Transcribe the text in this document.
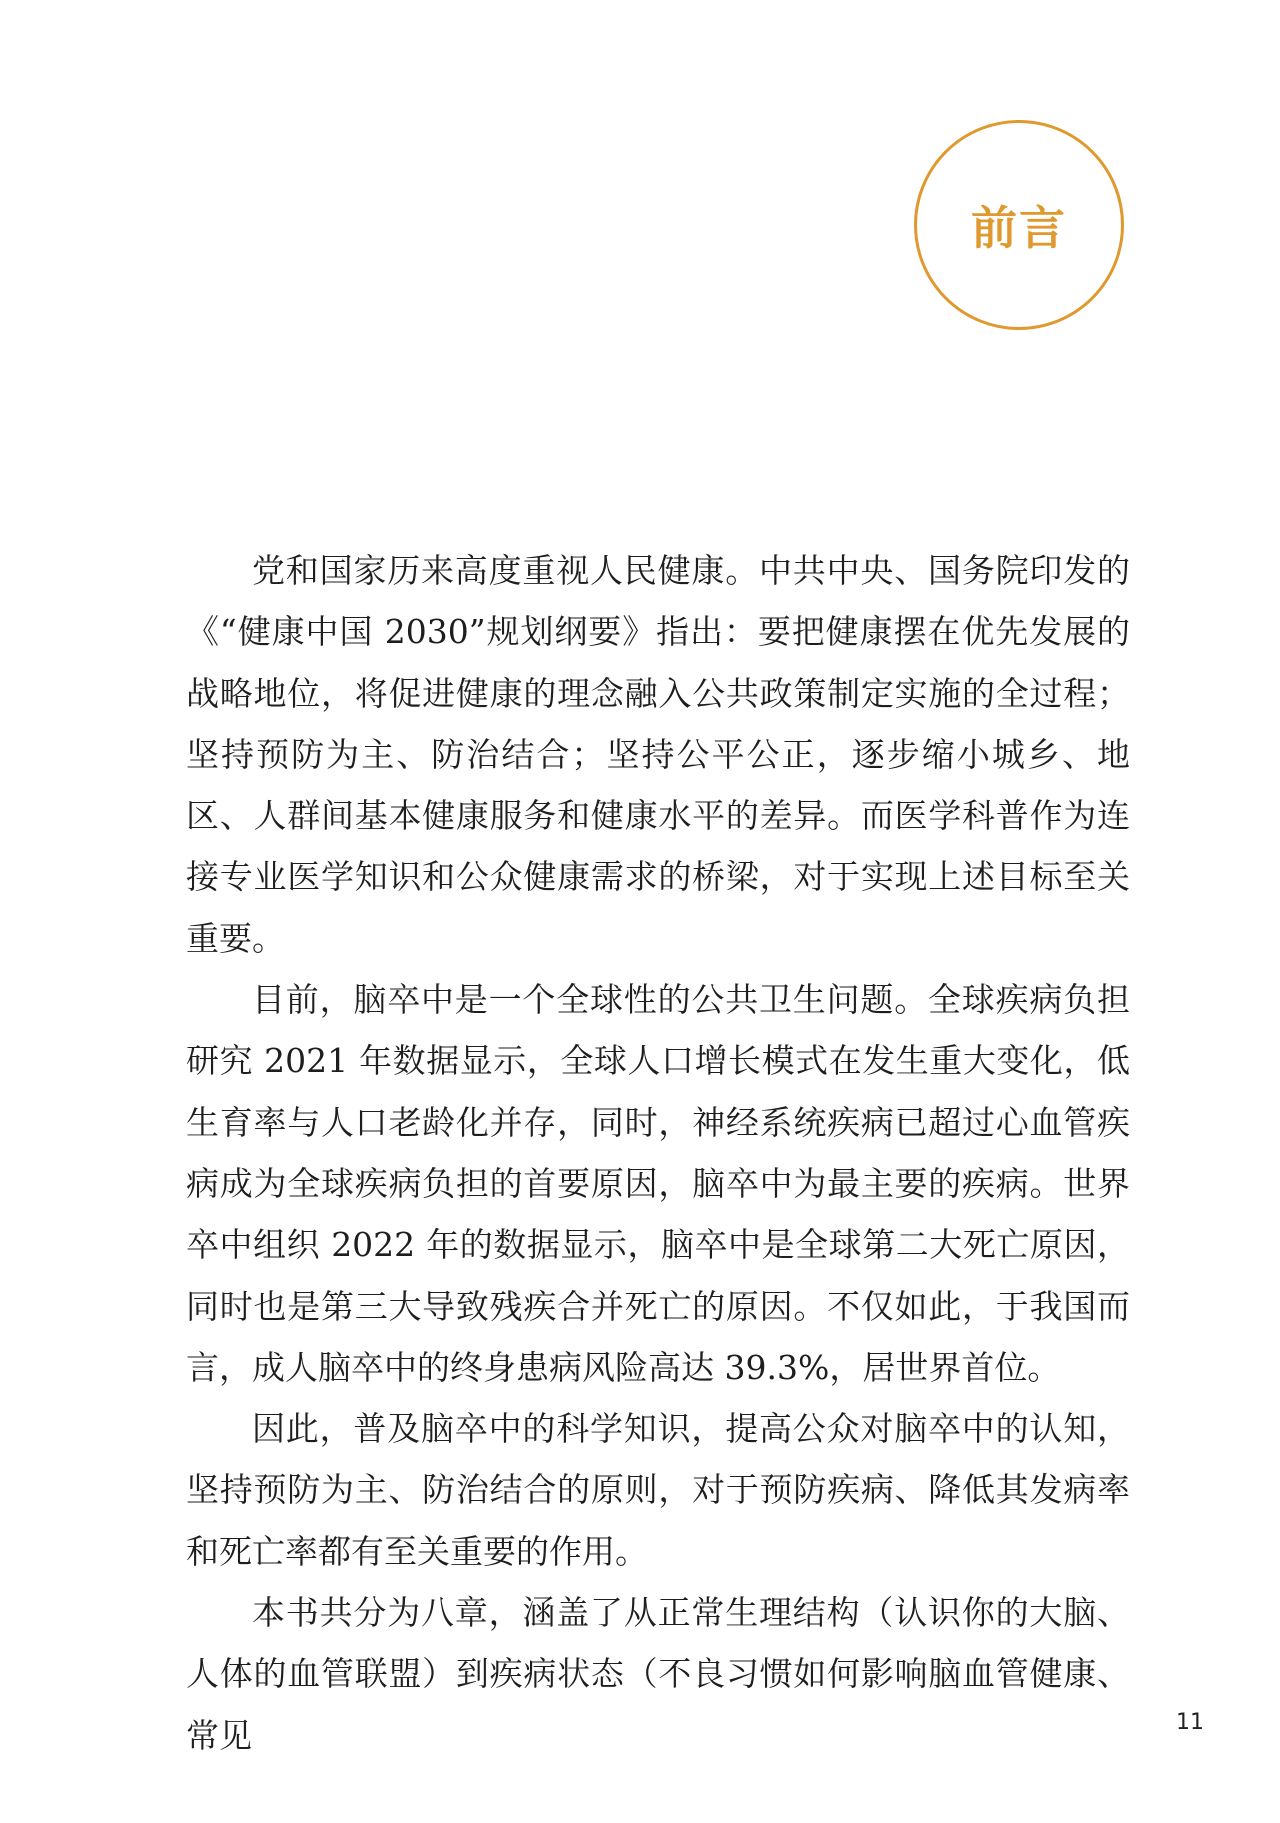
前言

党和国家历来高度重视人民健康。中共中央、国务院印发的《“健康中国 2030”规划纲要》指出：要把健康摆在优先发展的战略地位，将促进健康的理念融入公共政策制定实施的全过程；坚持预防为主、防治结合；坚持公平公正，逐步缩小城乡、地区、人群间基本健康服务和健康水平的差异。而医学科普作为连接专业医学知识和公众健康需求的桥梁，对于实现上述目标至关重要。

目前，脑卒中是一个全球性的公共卫生问题。全球疾病负担研究 2021 年数据显示，全球人口增长模式在发生重大变化，低生育率与人口老龄化并存，同时，神经系统疾病已超过心血管疾病成为全球疾病负担的首要原因，脑卒中为最主要的疾病。世界卒中组织 2022 年的数据显示，脑卒中是全球第二大死亡原因，同时也是第三大导致残疾合并死亡的原因。不仅如此，于我国而言，成人脑卒中的终身患病风险高达 39.3%，居世界首位。

因此，普及脑卒中的科学知识，提高公众对脑卒中的认知，坚持预防为主、防治结合的原则，对于预防疾病、降低其发病率和死亡率都有至关重要的作用。

本书共分为八章，涵盖了从正常生理结构（认识你的大脑、人体的血管联盟）到疾病状态（不良习惯如何影响脑血管健康、常见	11
